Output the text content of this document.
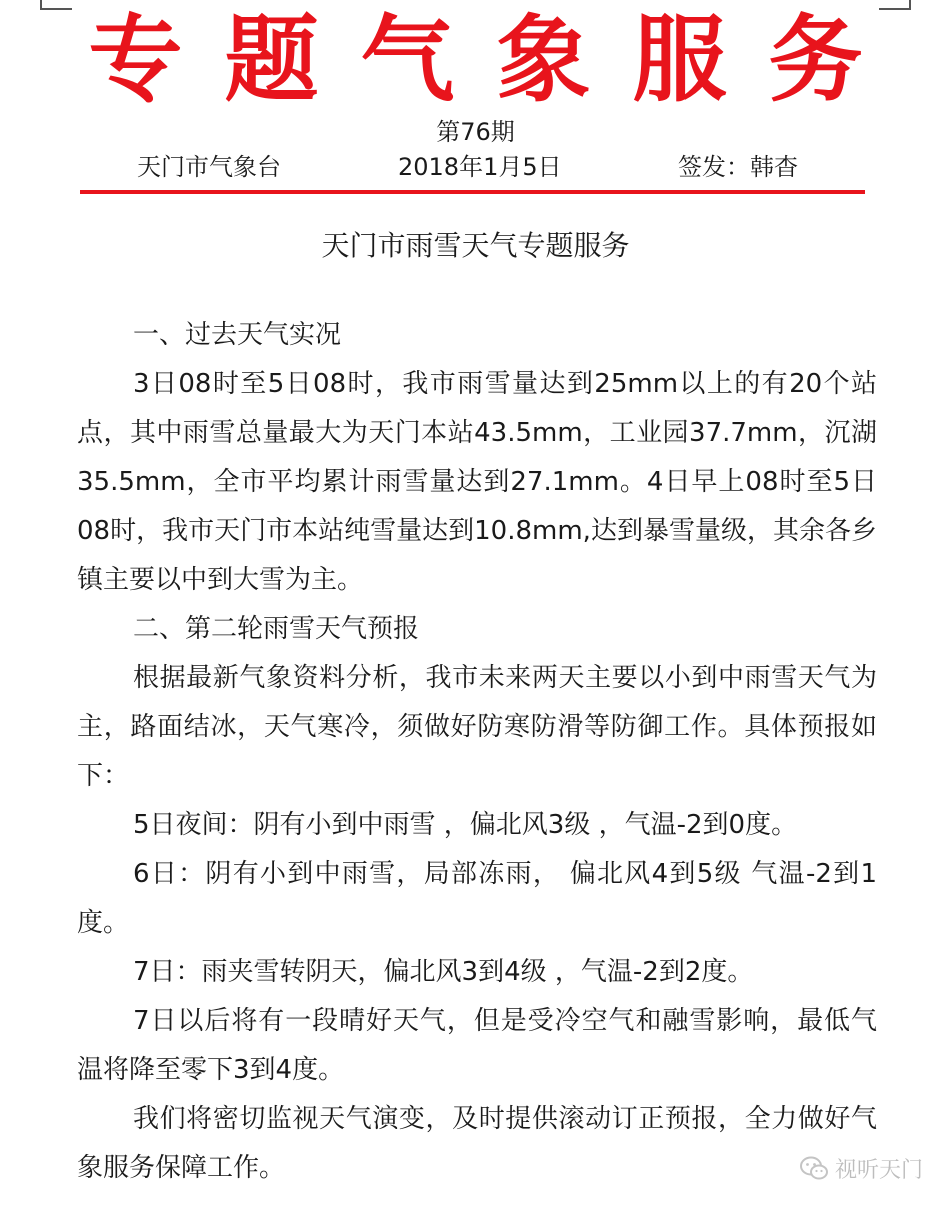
专题气象服务
第76期
天门市气象台	2018年1月5日	签发：韩杳
天门市雨雪天气专题服务

一、过去天气实况

3日08时至5日08时，我市雨雪量达到25mm以上的有20个站点，其中雨雪总量最大为天门本站43.5mm，工业园37.7mm，沉湖35.5mm，全市平均累计雨雪量达到27.1mm。4日早上08时至5日08时，我市天门市本站纯雪量达到10.8mm,达到暴雪量级，其余各乡镇主要以中到大雪为主。

二、第二轮雨雪天气预报

根据最新气象资料分析，我市未来两天主要以小到中雨雪天气为主，路面结冰，天气寒冷，须做好防寒防滑等防御工作。具体预报如下：

5日夜间：阴有小到中雨雪 ，偏北风3级 ，气温-2到0度。

6日：阴有小到中雨雪，局部冻雨， 偏北风4到5级 气温-2到1度。

7日：雨夹雪转阴天，偏北风3到4级 ，气温-2到2度。

7日以后将有一段晴好天气，但是受冷空气和融雪影响，最低气温将降至零下3到4度。

我们将密切监视天气演变，及时提供滚动订正预报，全力做好气象服务保障工作。	视听天门
